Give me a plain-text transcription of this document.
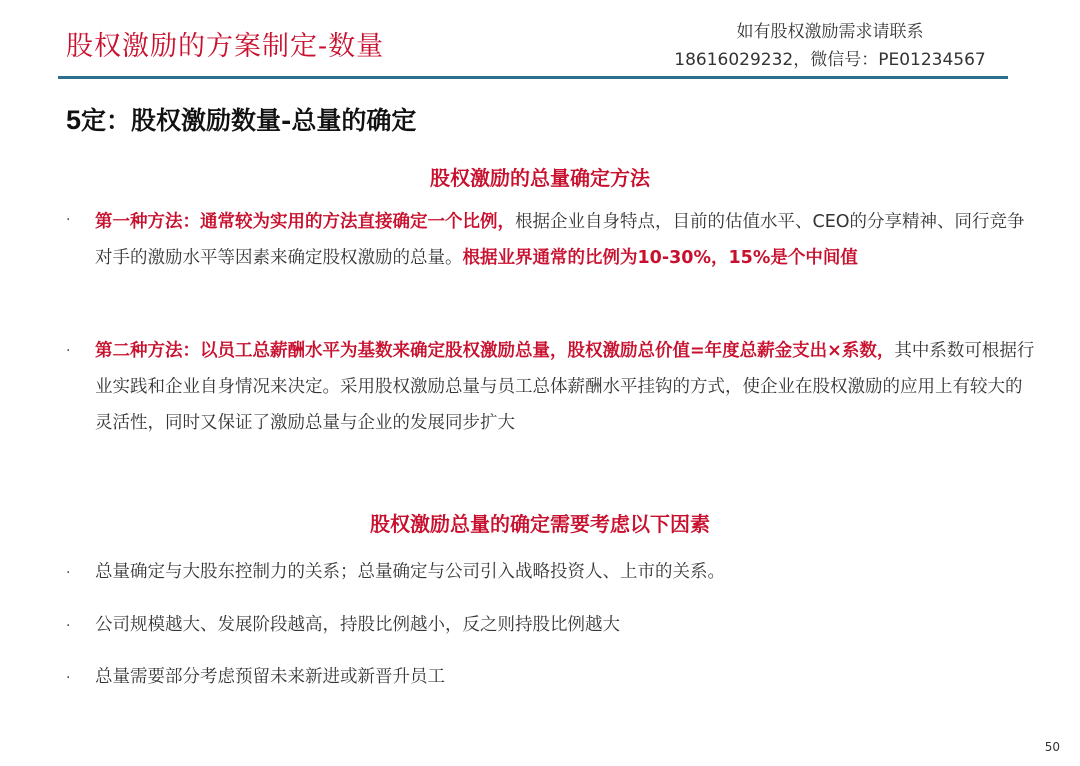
股权激励的方案制定-数量	如有股权激励需求请联系
18616029232，微信号：PE01234567
5定：股权激励数量-总量的确定
股权激励的总量确定方法
· 第一种方法：通常较为实用的方法直接确定一个比例，根据企业自身特点，目前的估值水平、CEO的分享精神、同行竞争对手的激励水平等因素来确定股权激励的总量。根据业界通常的比例为10-30%，15%是个中间值
· 第二种方法：以员工总薪酬水平为基数来确定股权激励总量，股权激励总价值=年度总薪金支出×系数，其中系数可根据行业实践和企业自身情况来决定。采用股权激励总量与员工总体薪酬水平挂钩的方式，使企业在股权激励的应用上有较大的灵活性，同时又保证了激励总量与企业的发展同步扩大
股权激励总量的确定需要考虑以下因素
· 总量确定与大股东控制力的关系；总量确定与公司引入战略投资人、上市的关系。
· 公司规模越大、发展阶段越高，持股比例越小，反之则持股比例越大
· 总量需要部分考虑预留未来新进或新晋升员工
50
